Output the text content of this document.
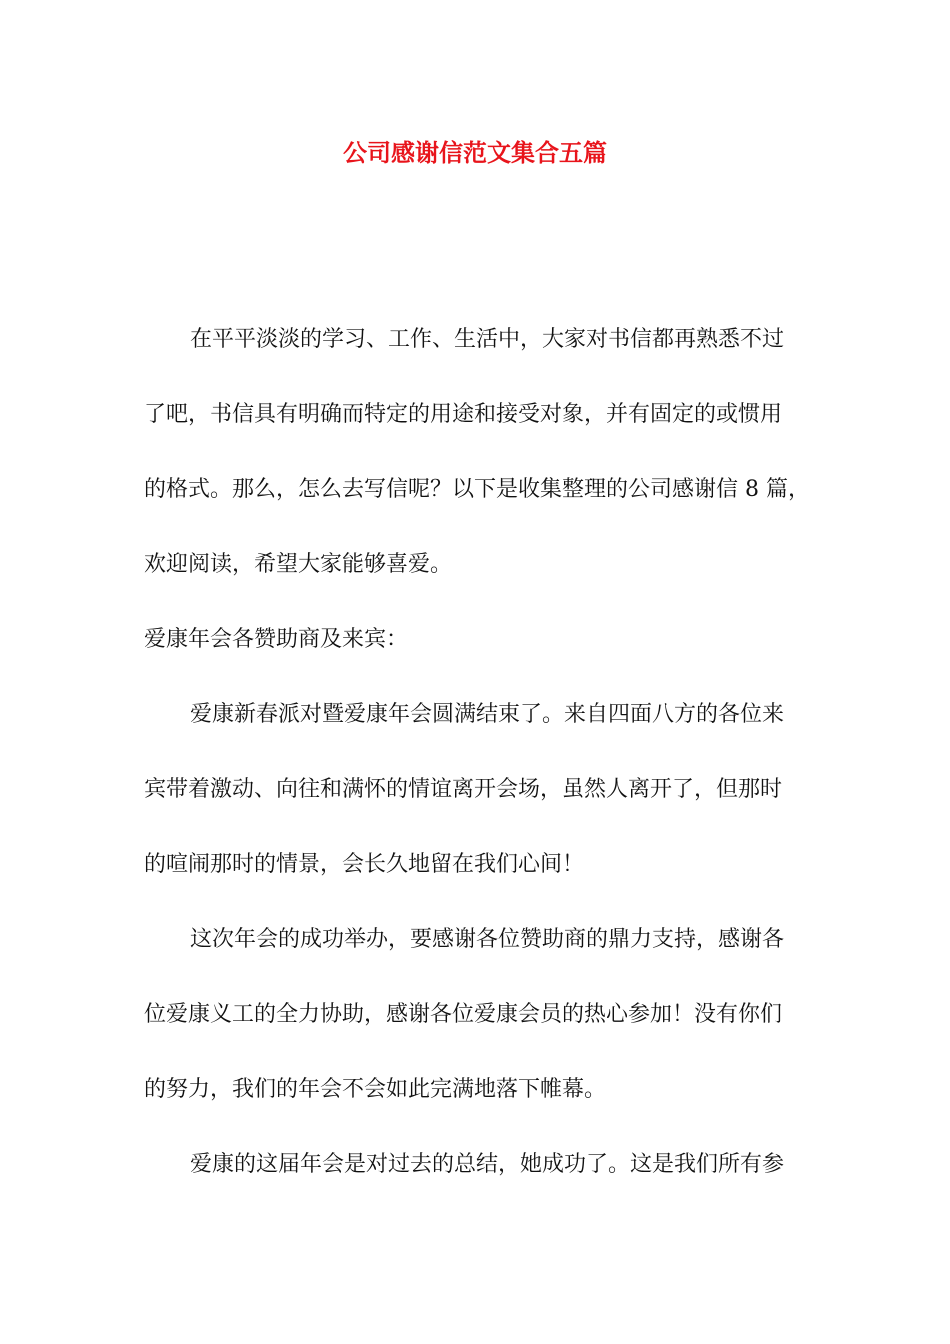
公司感谢信范文集合五篇
在平平淡淡的学习、工作、生活中，大家对书信都再熟悉不过
了吧，书信具有明确而特定的用途和接受对象，并有固定的或惯用
的格式。那么，怎么去写信呢？以下是收集整理的公司感谢信 8 篇，
欢迎阅读，希望大家能够喜爱。
爱康年会各赞助商及来宾：
爱康新春派对暨爱康年会圆满结束了。来自四面八方的各位来
宾带着激动、向往和满怀的情谊离开会场，虽然人离开了，但那时
的喧闹那时的情景，会长久地留在我们心间！
这次年会的成功举办，要感谢各位赞助商的鼎力支持，感谢各
位爱康义工的全力协助，感谢各位爱康会员的热心参加！没有你们
的努力，我们的年会不会如此完满地落下帷幕。
爱康的这届年会是对过去的总结，她成功了。这是我们所有参
